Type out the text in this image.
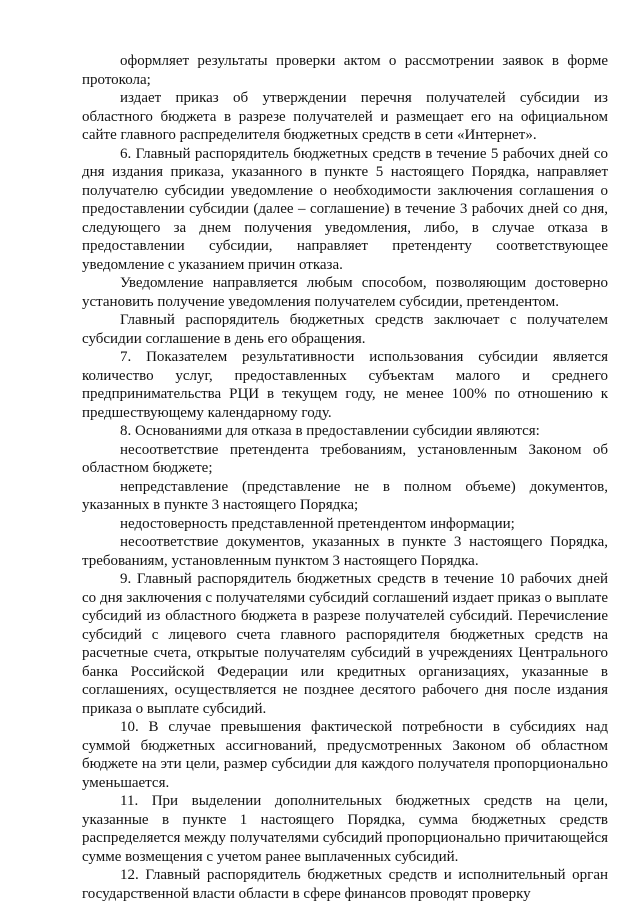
оформляет результаты проверки актом о рассмотрении заявок в форме протокола;

издает приказ об утверждении перечня получателей субсидии из областного бюджета в разрезе получателей и размещает его на официальном сайте главного распределителя бюджетных средств в сети «Интернет».

6. Главный распорядитель бюджетных средств в течение 5 рабочих дней со дня издания приказа, указанного в пункте 5 настоящего Порядка, направляет получателю субсидии уведомление о необходимости заключения соглашения о предоставлении субсидии (далее – соглашение) в течение 3 рабочих дней со дня, следующего за днем получения уведомления, либо, в случае отказа в предоставлении субсидии, направляет претенденту соответствующее уведомление с указанием причин отказа.

Уведомление направляется любым способом, позволяющим достоверно установить получение уведомления получателем субсидии, претендентом.

Главный распорядитель бюджетных средств заключает с получателем субсидии соглашение в день его обращения.

7. Показателем результативности использования субсидии является количество услуг, предоставленных субъектам малого и среднего предпринимательства РЦИ в текущем году, не менее 100% по отношению к предшествующему календарному году.

8. Основаниями для отказа в предоставлении субсидии являются:

несоответствие претендента требованиям, установленным Законом об областном бюджете;

непредставление (представление не в полном объеме) документов, указанных в пункте 3 настоящего Порядка;

недостоверность представленной претендентом информации;

несоответствие документов, указанных в пункте 3 настоящего Порядка, требованиям, установленным пунктом 3 настоящего Порядка.

9. Главный распорядитель бюджетных средств в течение 10 рабочих дней со дня заключения с получателями субсидий соглашений издает приказ о выплате субсидий из областного бюджета в разрезе получателей субсидий. Перечисление субсидий с лицевого счета главного распорядителя бюджетных средств на расчетные счета, открытые получателям субсидий в учреждениях Центрального банка Российской Федерации или кредитных организациях, указанные в соглашениях, осуществляется не позднее десятого рабочего дня после издания приказа о выплате субсидий.

10. В случае превышения фактической потребности в субсидиях над суммой бюджетных ассигнований, предусмотренных Законом об областном бюджете на эти цели, размер субсидии для каждого получателя пропорционально уменьшается.

11. При выделении дополнительных бюджетных средств на цели, указанные в пункте 1 настоящего Порядка, сумма бюджетных средств распределяется между получателями субсидий пропорционально причитающейся сумме возмещения с учетом ранее выплаченных субсидий.

12. Главный распорядитель бюджетных средств и исполнительный орган государственной власти области в сфере финансов проводят проверку
